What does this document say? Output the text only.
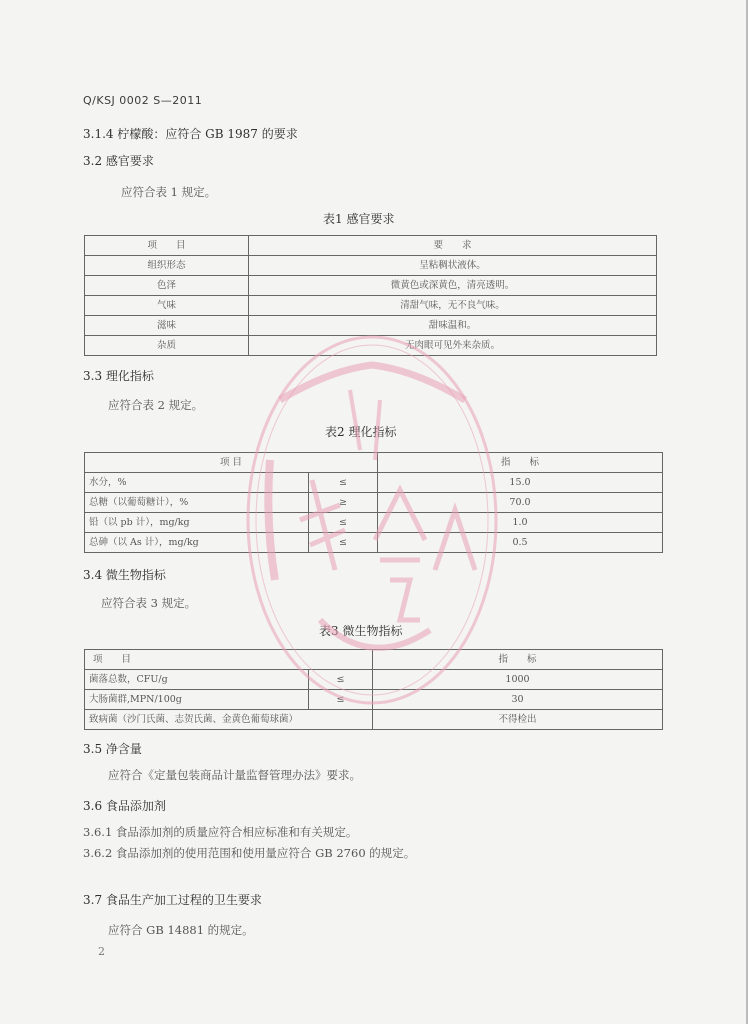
Q/KSJ 0002 S—2011
3.1.4 柠檬酸：应符合 GB 1987 的要求
3.2 感官要求
应符合表 1 规定。
表1 感官要求
项　　目	要　　求
组织形态	呈粘稠状液体。
色泽	微黄色或深黄色，清亮透明。
气味	清甜气味，无不良气味。
滋味	甜味温和。
杂质	无肉眼可见外来杂质。
3.3 理化指标
应符合表 2 规定。
表2 理化指标
项 目		指　　标
水分，%	≤	15.0
总糖（以葡萄糖计），%	≥	70.0
铅（以 pb 计），mg/kg	≤	1.0
总砷（以 As 计），mg/kg	≤	0.5
3.4 微生物指标
应符合表 3 规定。
表3 微生物指标
项　　目		指　　标
菌落总数，CFU/g	≤	1000
大肠菌群,MPN/100g	≤	30
致病菌（沙门氏菌、志贺氏菌、金黄色葡萄球菌）		不得检出
3.5 净含量
应符合《定量包装商品计量监督管理办法》要求。
3.6 食品添加剂
3.6.1 食品添加剂的质量应符合相应标准和有关规定。
3.6.2 食品添加剂的使用范围和使用量应符合 GB 2760 的规定。
3.7 食品生产加工过程的卫生要求
应符合 GB 14881 的规定。
2
